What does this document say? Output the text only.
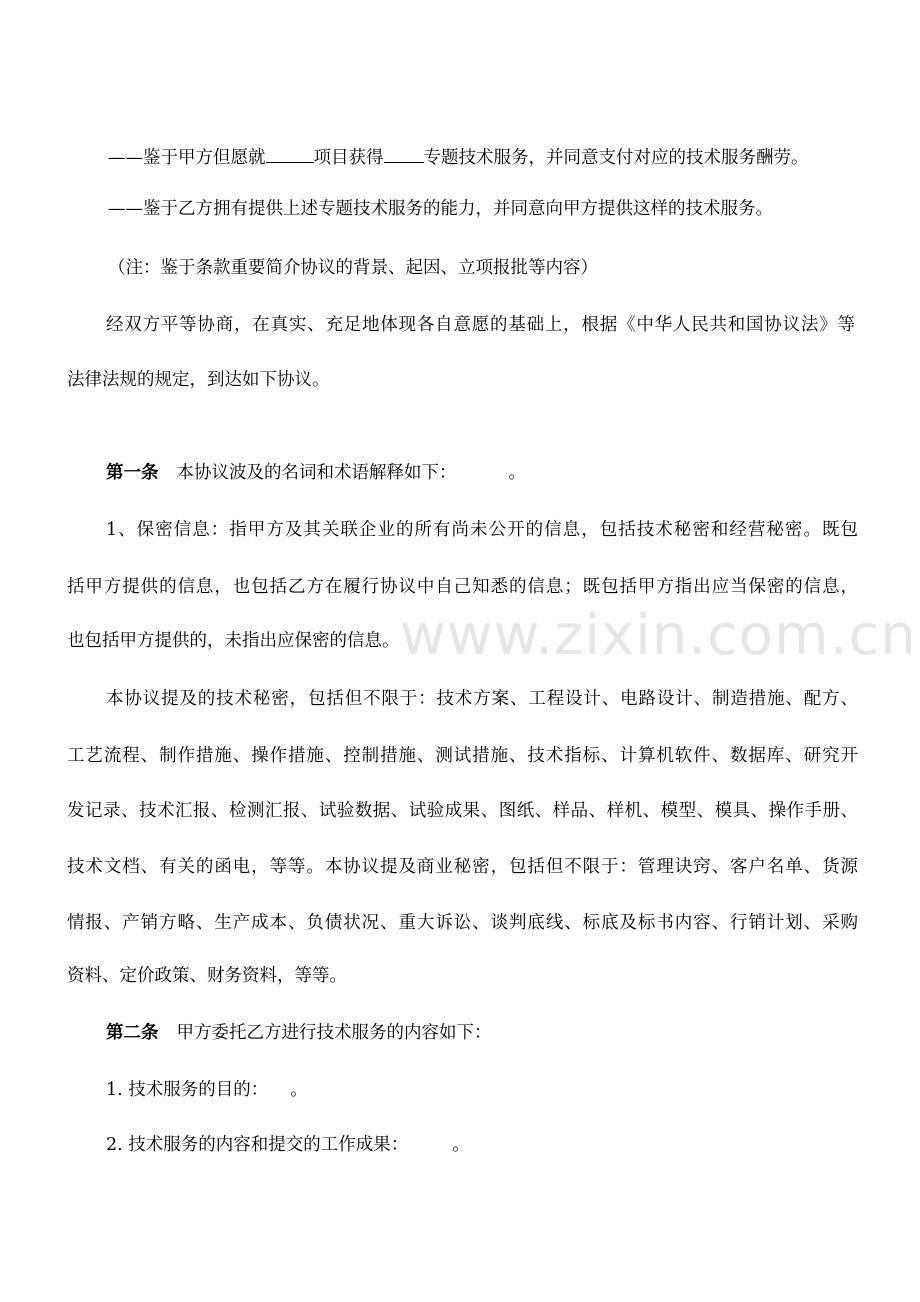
——鉴于甲方但愿就	项目获得 专题技术服务，并同意支付对应的技术服务酬劳。
——鉴于乙方拥有提供上述专题技术服务的能力，并同意向甲方提供这样的技术服务。
（注：鉴于条款重要简介协议的背景、起因、立项报批等内容）
经双方平等协商，在真实、充足地体现各自意愿的基础上，根据《中华人民共和国协议法》等
法律法规的规定，到达如下协议。
第一条 本协议波及的名词和术语解释如下：	。
1、保密信息：指甲方及其关联企业的所有尚未公开的信息，包括技术秘密和经营秘密。既包
括甲方提供的信息，也包括乙方在履行协议中自己知悉的信息；既包括甲方指出应当保密的信息，
也包括甲方提供的，未指出应保密的信息。
本协议提及的技术秘密，包括但不限于：技术方案、工程设计、电路设计、制造措施、配方、
工艺流程、制作措施、操作措施、控制措施、测试措施、技术指标、计算机软件、数据库、研究开
发记录、技术汇报、检测汇报、试验数据、试验成果、图纸、样品、样机、模型、模具、操作手册、
技术文档、有关的函电，等等。本协议提及商业秘密，包括但不限于：管理诀窍、客户名单、货源
情报、产销方略、生产成本、负债状况、重大诉讼、谈判底线、标底及标书内容、行销计划、采购
资料、定价政策、财务资料，等等。
第二条 甲方委托乙方进行技术服务的内容如下：
1. 技术服务的目的： 。
2. 技术服务的内容和提交的工作成果：	。
www.zixin.com.cn
